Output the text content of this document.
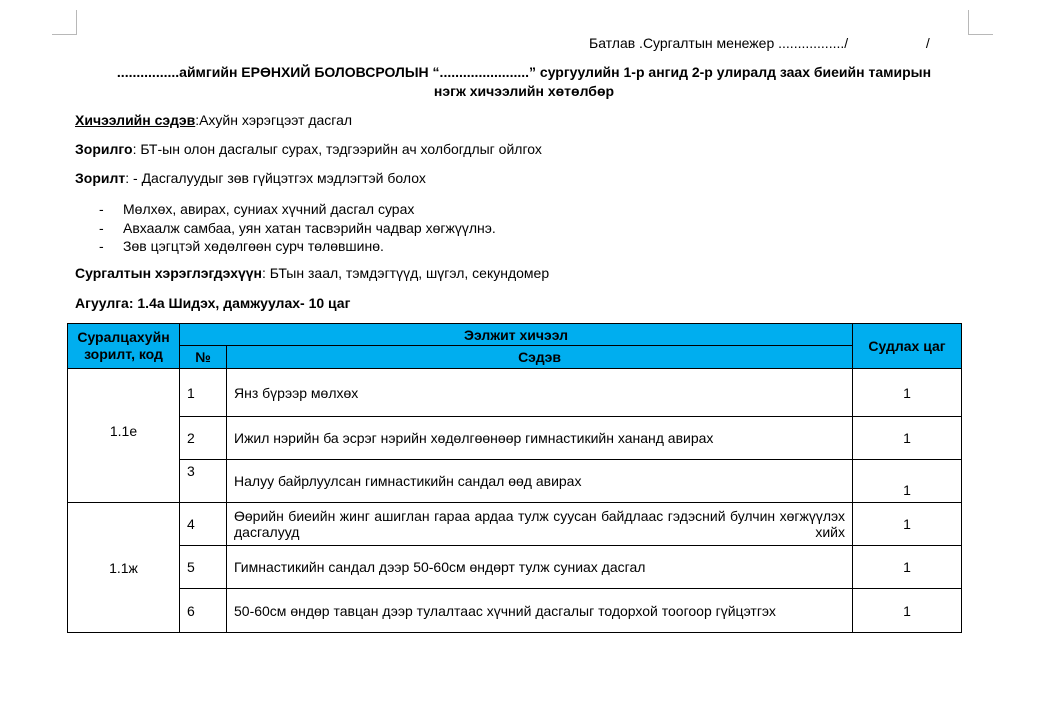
Батлав .Сургалтын менежер ................./                    /
................аймгийн ЕРӨНХИЙ БОЛОВСРОЛЫН “.......................” сургуулийн 1-р ангид 2-р улиралд заах биеийн тамирын
нэгж хичээлийн хөтөлбөр
Хичээлийн сэдэв:Ахуйн хэрэгцээт дасгал
Зорилго: БТ-ын олон дасгалыг сурах, тэдгээрийн ач холбогдлыг ойлгох
Зорилт: - Дасгалуудыг зөв гүйцэтгэх мэдлэгтэй болох
-	Мөлхөх, авирах, суниах хүчний дасгал сурах
-	Авхаалж самбаа, уян хатан тасвэрийн чадвар хөгжүүлнэ.
-	Зөв цэгцтэй хөдөлгөөн сурч төлөвшинө.
Сургалтын хэрэглэгдэхүүн: БТын заал, тэмдэгтүүд, шүгэл, секундомер
Агуулга: 1.4а Шидэх, дамжуулах- 10 цаг
Суралцахуйн зорилт, код	Ээлжит хичээл		Судлах цаг
	№	Сэдэв	
1.1е	1	Янз бүрээр мөлхөх	1
	2	Ижил нэрийн ба эсрэг нэрийн хөдөлгөөнөөр гимнастикийн хананд авирах	1
	3	Налуу байрлуулсан гимнастикийн сандал өөд авирах	1
1.1ж	4	Өөрийн биеийн жинг ашиглан гараа ардаа тулж суусан байдлаас гэдэсний булчин хөгжүүлэх дасгалууд хийх	1
	5	Гимнастикийн сандал дээр 50-60см өндөрт тулж суниах дасгал	1
	6	50-60см өндөр тавцан дээр тулалтаас хүчний дасгалыг тодорхой тоогоор гүйцэтгэх	1
